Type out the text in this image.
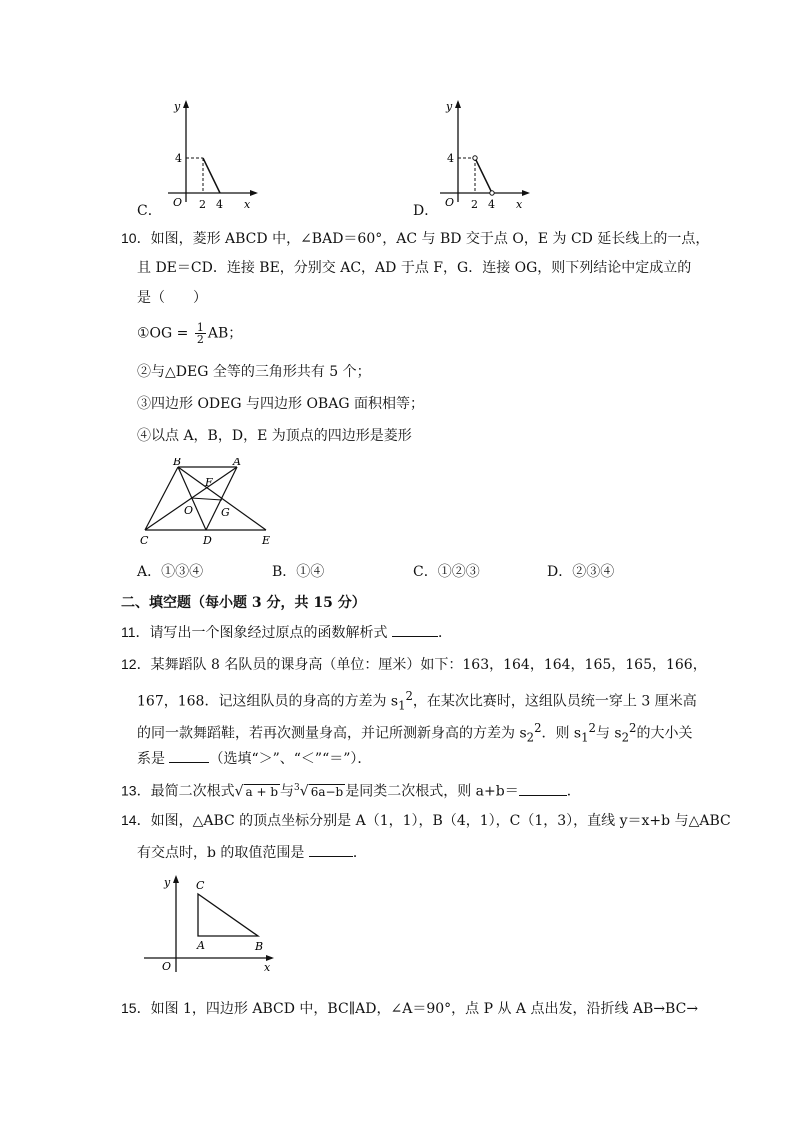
C．
y
4
O 2 4 x	D．
y
4
O 2 4 x
10．如图，菱形 ABCD 中，∠BAD＝60°，AC 与 BD 交于点 O，E 为 CD 延长线上的一点，
且 DE＝CD．连接 BE，分别交 AC，AD 于点 F，G．连接 OG，则下列结论中定成立的
是（　　）
①OG = $\frac{1}{2}$ AB；
②与△DEG 全等的三角形共有 5 个；
③四边形 ODEG 与四边形 OBAG 面积相等；
④以点 A，B，D，E 为顶点的四边形是菱形
B	A
F
O	G
C	D	E
A．①③④	B．①④	C．①②③	D．②③④
二、填空题（每小题 3 分，共 15 分）
11．请写出一个图象经过原点的函数解析式	．
12．某舞蹈队 8 名队员的课身高（单位：厘米）如下：163，164，164，165，165，166，
167，168．记这组队员的身高的方差为 $s_1^2$，在某次比赛时，这组队员统一穿上 3 厘米高
的同一款舞蹈鞋，若再次测量身高，并记所测新身高的方差为 $s_2^2$．则 $s_1^2$与 $s_2^2$的大小关
系是	（选填“＞”、“＜”“＝”）．
13．最简二次根式√ a + b 与$^3$√ 6a−b 是同类二次根式，则 a+b＝	．
14．如图，△ABC 的顶点坐标分别是 A（1，1），B（4，1），C（1，3），直线 y＝x+b 与△ABC
有交点时，b 的取值范围是	．
y C
A	B
O	x
15．如图 1，四边形 ABCD 中，BC∥AD，∠A＝90°，点 P 从 A 点出发，沿折线 AB→BC→
